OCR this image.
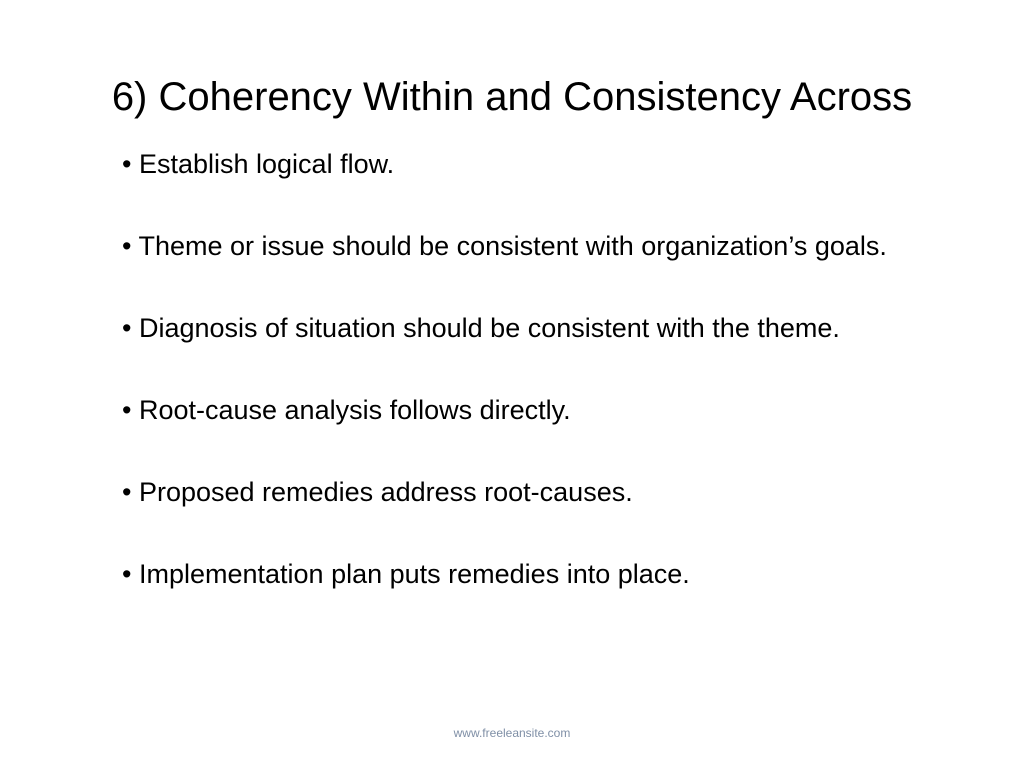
6) Coherency Within and Consistency Across
• Establish logical flow.
• Theme or issue should be consistent with organization’s goals.
• Diagnosis of situation should be consistent with the theme.
• Root-cause analysis follows directly.
• Proposed remedies address root-causes.
• Implementation plan puts remedies into place.
www.freeleansite.com
